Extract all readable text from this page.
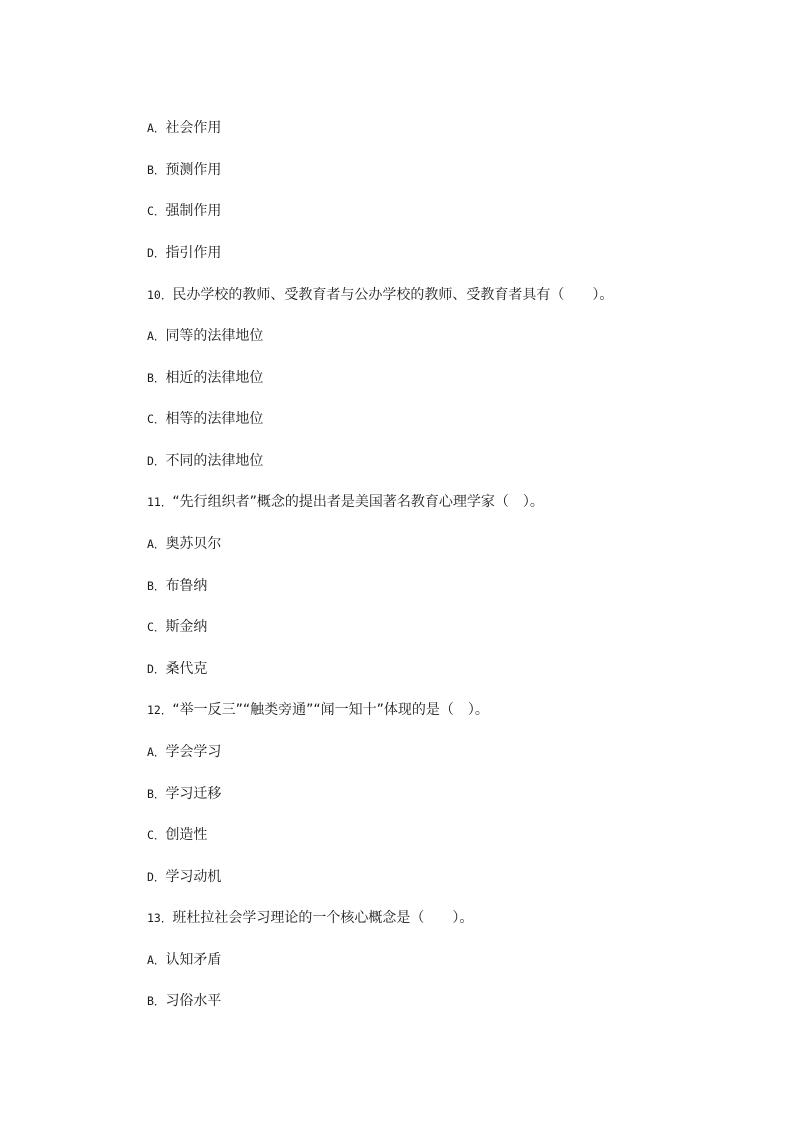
A．社会作用
B．预测作用
C．强制作用
D．指引作用
10．民办学校的教师、受教育者与公办学校的教师、受教育者具有（　　）。
A．同等的法律地位
B．相近的法律地位
C．相等的法律地位
D．不同的法律地位
11．“先行组织者”概念的提出者是美国著名教育心理学家（　）。
A．奥苏贝尔
B．布鲁纳
C．斯金纳
D．桑代克
12．“举一反三”“触类旁通”“闻一知十”体现的是（　）。
A．学会学习
B．学习迁移
C．创造性
D．学习动机
13．班杜拉社会学习理论的一个核心概念是（　　）。
A．认知矛盾
B．习俗水平
